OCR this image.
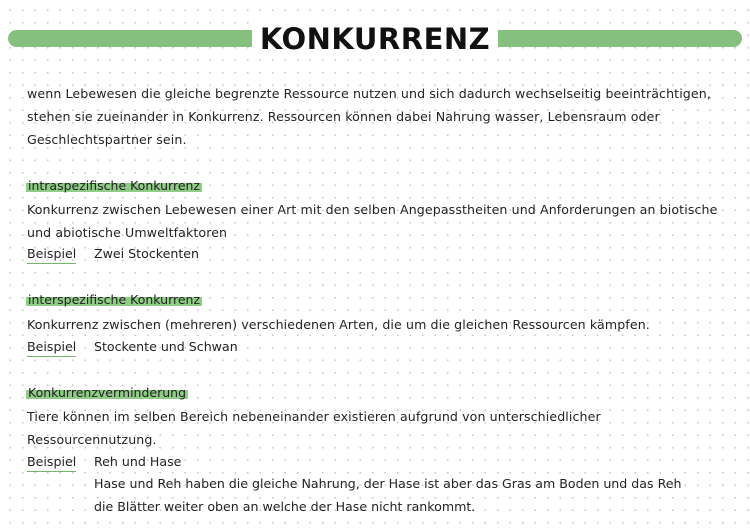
KONKURRENZ
wenn Lebewesen die gleiche begrenzte Ressource nutzen und sich dadurch wechselseitig beeinträchtigen,
stehen sie zueinander in Konkurrenz. Ressourcen können dabei Nahrung wasser, Lebensraum oder
Geschlechtspartner sein.
intraspezifische Konkurrenz
Konkurrenz zwischen Lebewesen einer Art mit den selben Angepasstheiten und Anforderungen an biotische
und abiotische Umweltfaktoren
Beispiel Zwei Stockenten
interspezifische Konkurrenz
Konkurrenz zwischen (mehreren) verschiedenen Arten, die um die gleichen Ressourcen kämpfen.
Beispiel Stockente und Schwan
Konkurrenzverminderung
Tiere können im selben Bereich nebeneinander existieren aufgrund von unterschiedlicher
Ressourcennutzung.
Beispiel Reh und Hase
Hase und Reh haben die gleiche Nahrung, der Hase ist aber das Gras am Boden und das Reh
die Blätter weiter oben an welche der Hase nicht rankommt.
